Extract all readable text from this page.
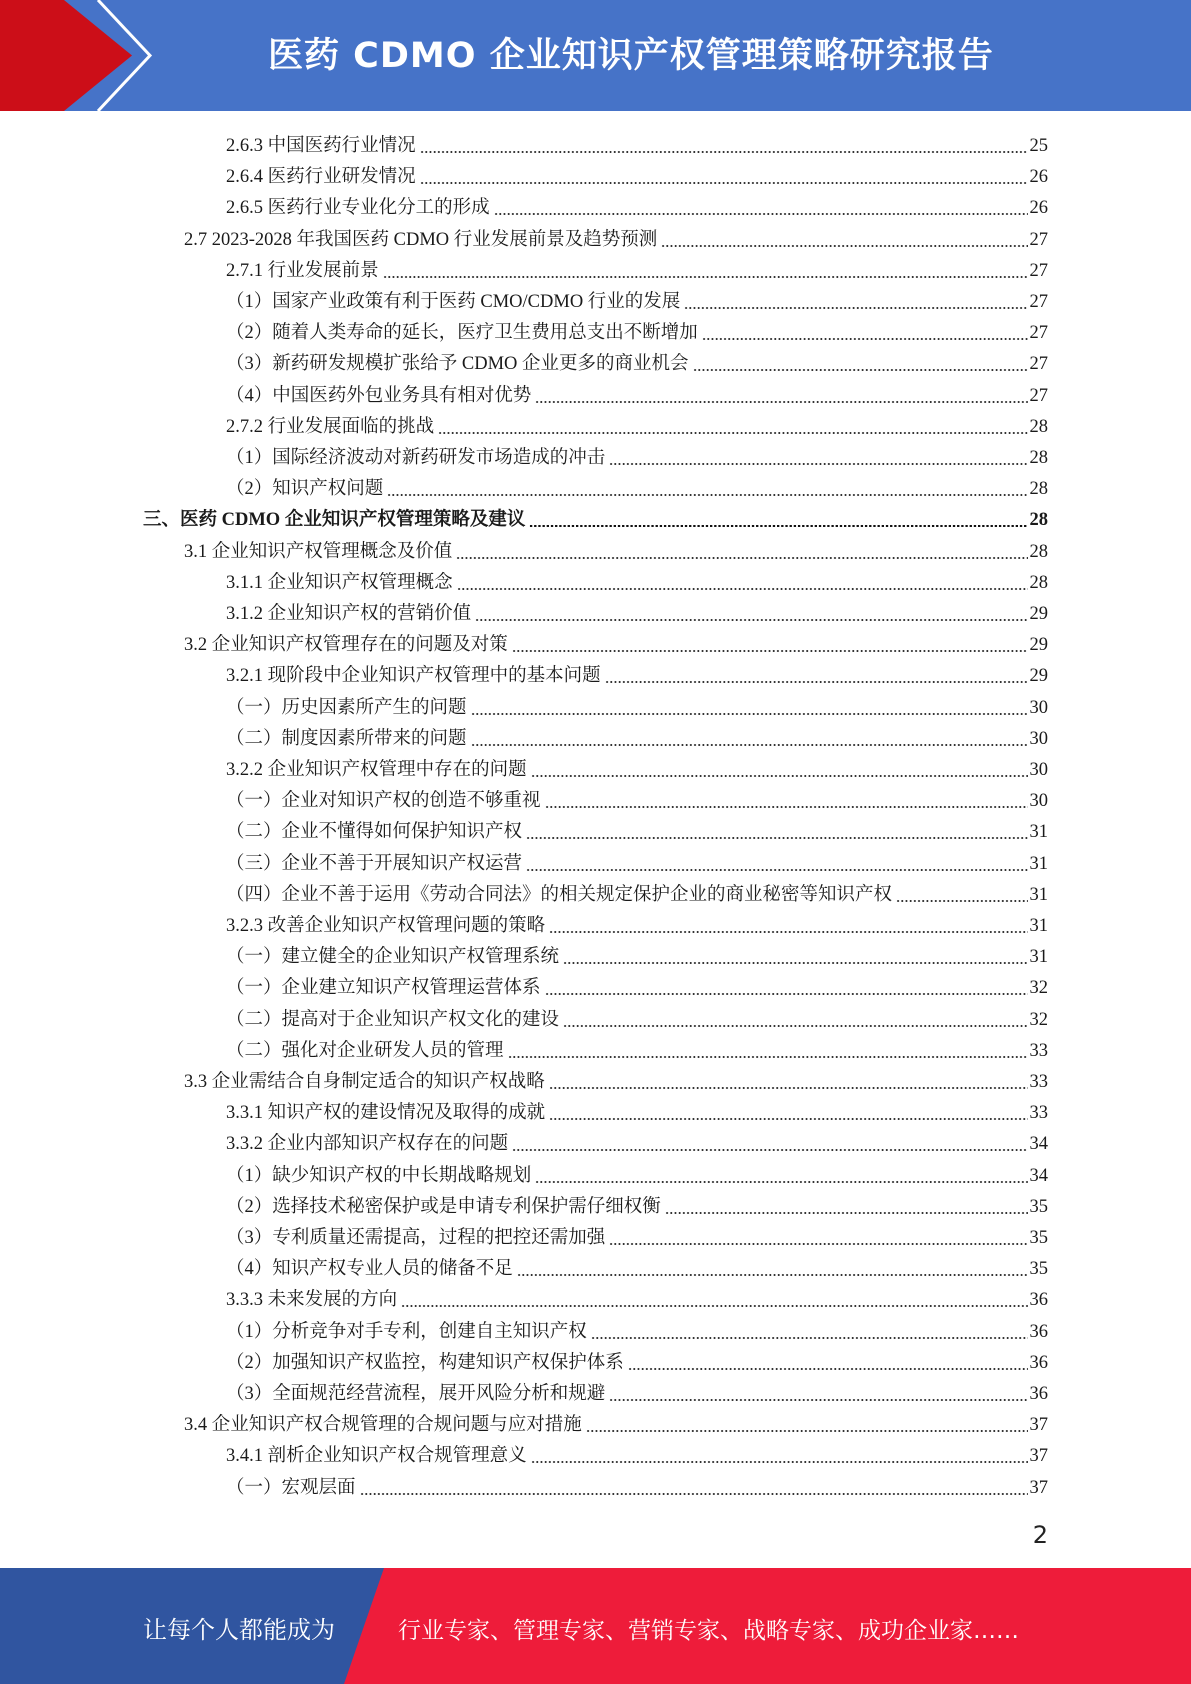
医药 CDMO 企业知识产权管理策略研究报告
2.6.3 中国医药行业情况	25
2.6.4 医药行业研发情况	26
2.6.5 医药行业专业化分工的形成	26
2.7 2023-2028 年我国医药 CDMO 行业发展前景及趋势预测	27
2.7.1 行业发展前景	27
（1）国家产业政策有利于医药 CMO/CDMO 行业的发展	27
（2）随着人类寿命的延长，医疗卫生费用总支出不断增加	27
（3）新药研发规模扩张给予 CDMO 企业更多的商业机会	27
（4）中国医药外包业务具有相对优势	27
2.7.2 行业发展面临的挑战	28
（1）国际经济波动对新药研发市场造成的冲击	28
（2）知识产权问题	28
三、医药 CDMO 企业知识产权管理策略及建议	28
3.1 企业知识产权管理概念及价值	28
3.1.1 企业知识产权管理概念	28
3.1.2 企业知识产权的营销价值	29
3.2 企业知识产权管理存在的问题及对策	29
3.2.1 现阶段中企业知识产权管理中的基本问题	29
（一）历史因素所产生的问题	30
（二）制度因素所带来的问题	30
3.2.2 企业知识产权管理中存在的问题	30
（一）企业对知识产权的创造不够重视	30
（二）企业不懂得如何保护知识产权	31
（三）企业不善于开展知识产权运营	31
（四）企业不善于运用《劳动合同法》的相关规定保护企业的商业秘密等知识产权	31
3.2.3 改善企业知识产权管理问题的策略	31
（一）建立健全的企业知识产权管理系统	31
（一）企业建立知识产权管理运营体系	32
（二）提高对于企业知识产权文化的建设	32
（二）强化对企业研发人员的管理	33
3.3 企业需结合自身制定适合的知识产权战略	33
3.3.1 知识产权的建设情况及取得的成就	33
3.3.2 企业内部知识产权存在的问题	34
（1）缺少知识产权的中长期战略规划	34
（2）选择技术秘密保护或是申请专利保护需仔细权衡	35
（3）专利质量还需提高，过程的把控还需加强	35
（4）知识产权专业人员的储备不足	35
3.3.3 未来发展的方向	36
（1）分析竞争对手专利，创建自主知识产权	36
（2）加强知识产权监控，构建知识产权保护体系	36
（3）全面规范经营流程，展开风险分析和规避	36
3.4 企业知识产权合规管理的合规问题与应对措施	37
3.4.1 剖析企业知识产权合规管理意义	37
（一）宏观层面	37
2
让每个人都能成为	行业专家、管理专家、营销专家、战略专家、成功企业家……
